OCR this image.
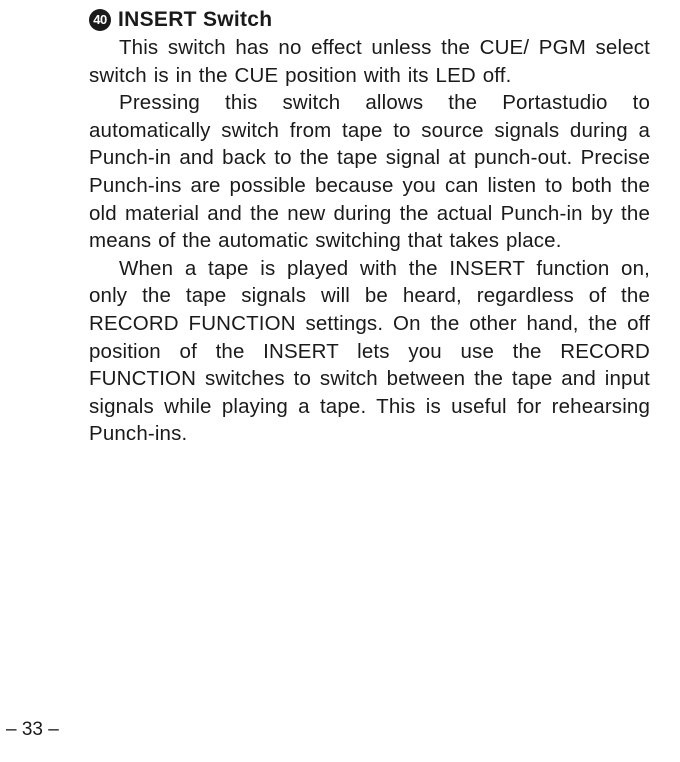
40 INSERT Switch

This switch has no effect unless the CUE/ PGM select switch is in the CUE position with its LED off.

Pressing this switch allows the Portastudio to automatically switch from tape to source signals during a Punch-in and back to the tape signal at punch-out. Precise Punch-ins are possible because you can listen to both the old material and the new during the actual Punch-in by the means of the automatic switching that takes place.

When a tape is played with the INSERT function on, only the tape signals will be heard, regardless of the RECORD FUNCTION settings. On the other hand, the off position of the INSERT lets you use the RECORD FUNCTION switches to switch between the tape and input signals while playing a tape. This is useful for rehearsing Punch-ins.

– 33 –
